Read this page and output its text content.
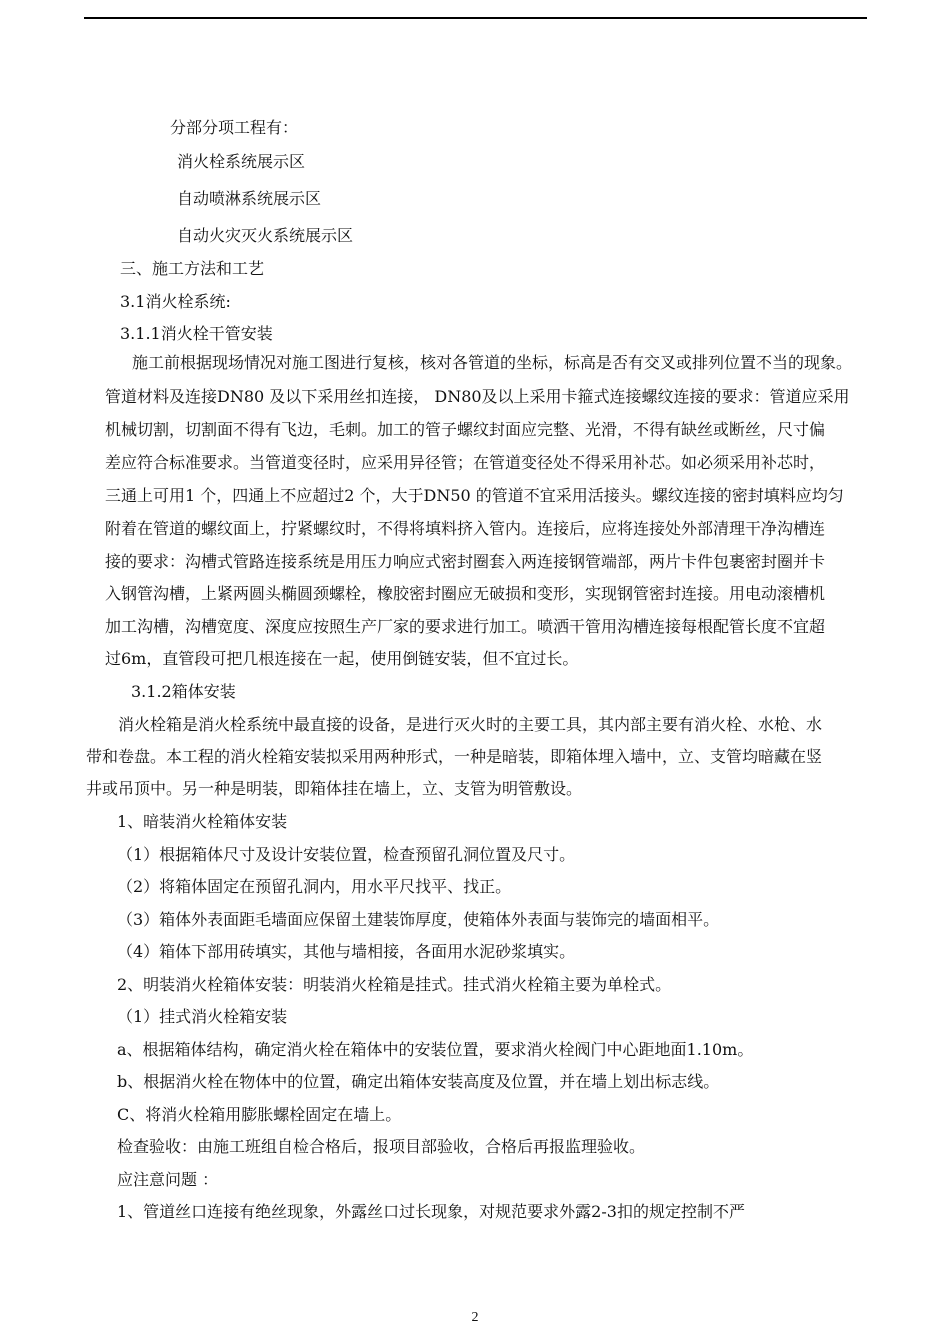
分部分项工程有：
消火栓系统展示区
自动喷淋系统展示区
自动火灾灭火系统展示区
三、施工方法和工艺
3.1消火栓系统:
3.1.1消火栓干管安装
施工前根据现场情况对施工图进行复核，核对各管道的坐标，标高是否有交叉或排列位置不当的现象。
管道材料及连接DN80 及以下采用丝扣连接， DN80及以上采用卡箍式连接螺纹连接的要求：管道应采用
机械切割，切割面不得有飞边，毛刺。加工的管子螺纹封面应完整、光滑，不得有缺丝或断丝，尺寸偏
差应符合标准要求。当管道变径时，应采用异径管；在管道变径处不得采用补芯。如必须采用补芯时，
三通上可用1 个，四通上不应超过2 个，大于DN50 的管道不宜采用活接头。螺纹连接的密封填料应均匀
附着在管道的螺纹面上，拧紧螺纹时，不得将填料挤入管内。连接后，应将连接处外部清理干净沟槽连
接的要求：沟槽式管路连接系统是用压力响应式密封圈套入两连接钢管端部，两片卡件包裹密封圈并卡
入钢管沟槽，上紧两圆头椭圆颈螺栓，橡胶密封圈应无破损和变形，实现钢管密封连接。用电动滚槽机
加工沟槽，沟槽宽度、深度应按照生产厂家的要求进行加工。喷洒干管用沟槽连接每根配管长度不宜超
过6m，直管段可把几根连接在一起，使用倒链安装，但不宜过长。
3.1.2箱体安装
消火栓箱是消火栓系统中最直接的设备，是进行灭火时的主要工具，其内部主要有消火栓、水枪、水
带和卷盘。本工程的消火栓箱安装拟采用两种形式，一种是暗装，即箱体埋入墙中，立、支管均暗藏在竖
井或吊顶中。另一种是明装，即箱体挂在墙上，立、支管为明管敷设。
1、暗装消火栓箱体安装
（1）根据箱体尺寸及设计安装位置，检查预留孔洞位置及尺寸。
（2）将箱体固定在预留孔洞内，用水平尺找平、找正。
（3）箱体外表面距毛墙面应保留土建装饰厚度，使箱体外表面与装饰完的墙面相平。
（4）箱体下部用砖填实，其他与墙相接，各面用水泥砂浆填实。
2、明装消火栓箱体安装：明装消火栓箱是挂式。挂式消火栓箱主要为单栓式。
（1）挂式消火栓箱安装
a、根据箱体结构，确定消火栓在箱体中的安装位置，要求消火栓阀门中心距地面1.10m。
b、根据消火栓在物体中的位置，确定出箱体安装高度及位置，并在墙上划出标志线。
C、将消火栓箱用膨胀螺栓固定在墙上。
检查验收：由施工班组自检合格后，报项目部验收，合格后再报监理验收。
应注意问题 ：
1、管道丝口连接有绝丝现象，外露丝口过长现象，对规范要求外露2-3扣的规定控制不严
2
